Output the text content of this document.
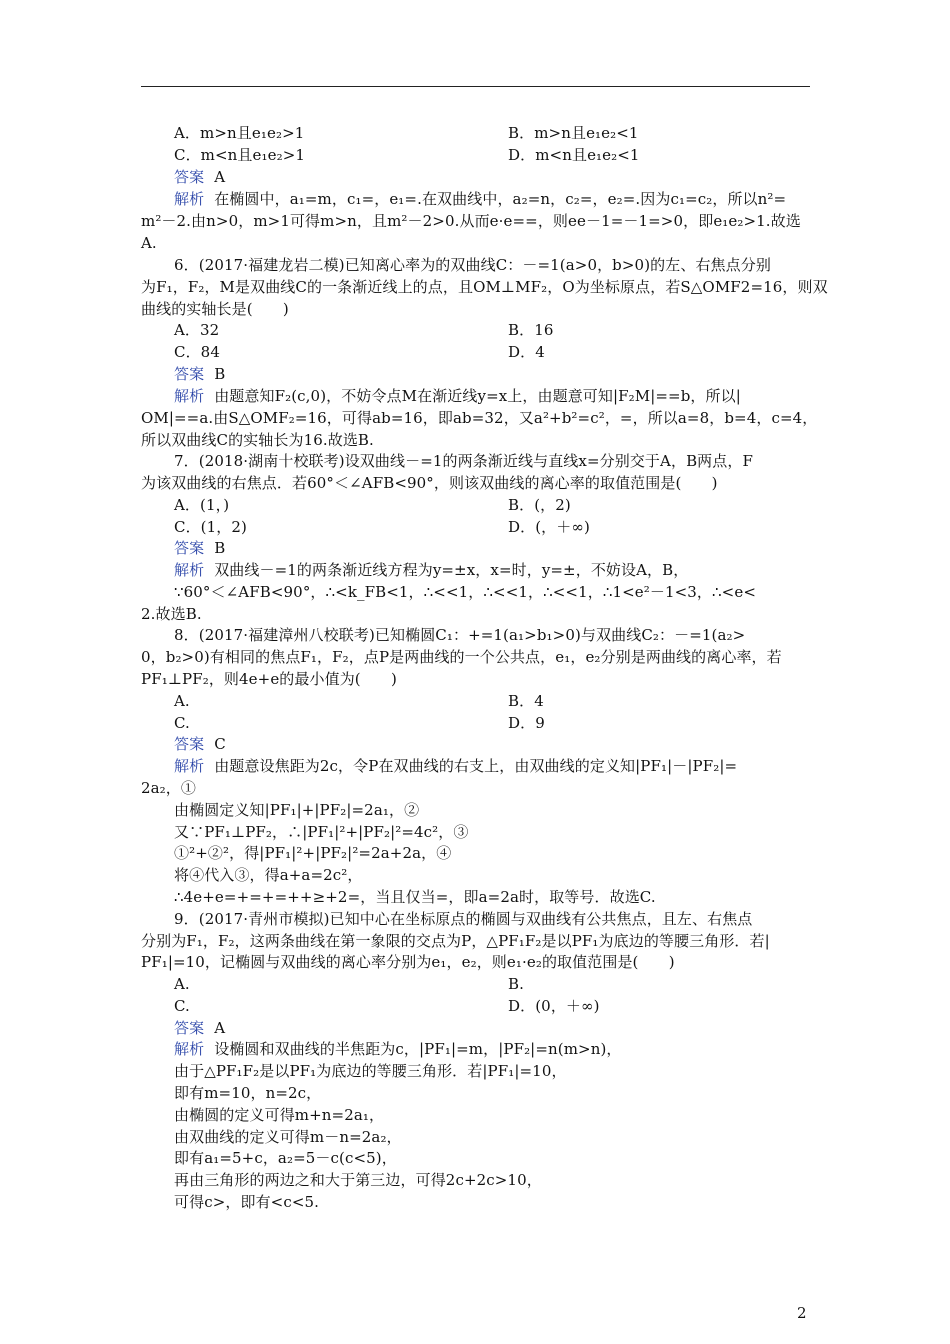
A．m>n且e₁e₂>1	B．m>n且e₁e₂<1
C．m<n且e₁e₂>1	D．m<n且e₁e₂<1
答案 A
解析 在椭圆中，a₁=m，c₁=，e₁=.在双曲线中，a₂=n，c₂=，e₂=.因为c₁=c₂，所以n²=
m²－2.由n>0，m>1可得m>n，且m²－2>0.从而e·e==，则ee－1=－1=>0，即e₁e₂>1.故选
A.
6．(2017·福建龙岩二模)已知离心率为的双曲线C：－=1(a>0，b>0)的左、右焦点分别
为F₁，F₂，M是双曲线C的一条渐近线上的点，且OM⊥MF₂，O为坐标原点，若S△OMF2=16，则双
曲线的实轴长是(　　)
A．32	B．16
C．84	D．4
答案 B
解析 由题意知F₂(c,0)，不妨令点M在渐近线y=x上，由题意可知|F₂M|==b，所以|
OM|==a.由S△OMF₂=16，可得ab=16，即ab=32，又a²+b²=c²，=，所以a=8，b=4，c=4，
所以双曲线C的实轴长为16.故选B.
7．(2018·湖南十校联考)设双曲线－=1的两条渐近线与直线x=分别交于A，B两点，F
为该双曲线的右焦点．若60°＜∠AFB<90°，则该双曲线的离心率的取值范围是(　　)
A．(1，)	B．(，2)
C．(1，2)	D．(，＋∞)
答案 B
解析 双曲线－=1的两条渐近线方程为y=±x，x=时，y=±，不妨设A，B，
∵60°＜∠AFB<90°，∴<k_FB<1，∴<<1，∴<<1，∴<<1，∴1<e²－1<3，∴<e<
2.故选B.
8．(2017·福建漳州八校联考)已知椭圆C₁：+=1(a₁>b₁>0)与双曲线C₂：－=1(a₂>
0，b₂>0)有相同的焦点F₁，F₂，点P是两曲线的一个公共点，e₁，e₂分别是两曲线的离心率，若
PF₁⊥PF₂，则4e+e的最小值为(　　)
A.	B．4
C.	D．9
答案 C
解析 由题意设焦距为2c，令P在双曲线的右支上，由双曲线的定义知|PF₁|－|PF₂|=
2a₂，①
由椭圆定义知|PF₁|+|PF₂|=2a₁，②
又∵PF₁⊥PF₂，∴|PF₁|²+|PF₂|²=4c²，③
①²+②²，得|PF₁|²+|PF₂|²=2a+2a，④
将④代入③，得a+a=2c²，
∴4e+e=+=+=++≥+2=，当且仅当=，即a=2a时，取等号．故选C.
9．(2017·青州市模拟)已知中心在坐标原点的椭圆与双曲线有公共焦点，且左、右焦点
分别为F₁，F₂，这两条曲线在第一象限的交点为P，△PF₁F₂是以PF₁为底边的等腰三角形．若|
PF₁|=10，记椭圆与双曲线的离心率分别为e₁，e₂，则e₁·e₂的取值范围是(　　)
A.	B.
C.	D．(0，＋∞)
答案 A
解析 设椭圆和双曲线的半焦距为c，|PF₁|=m，|PF₂|=n(m>n)，
由于△PF₁F₂是以PF₁为底边的等腰三角形．若|PF₁|=10，
即有m=10，n=2c，
由椭圆的定义可得m+n=2a₁，
由双曲线的定义可得m－n=2a₂，
即有a₁=5+c，a₂=5－c(c<5)，
再由三角形的两边之和大于第三边，可得2c+2c>10，
可得c>，即有<c<5.
2
